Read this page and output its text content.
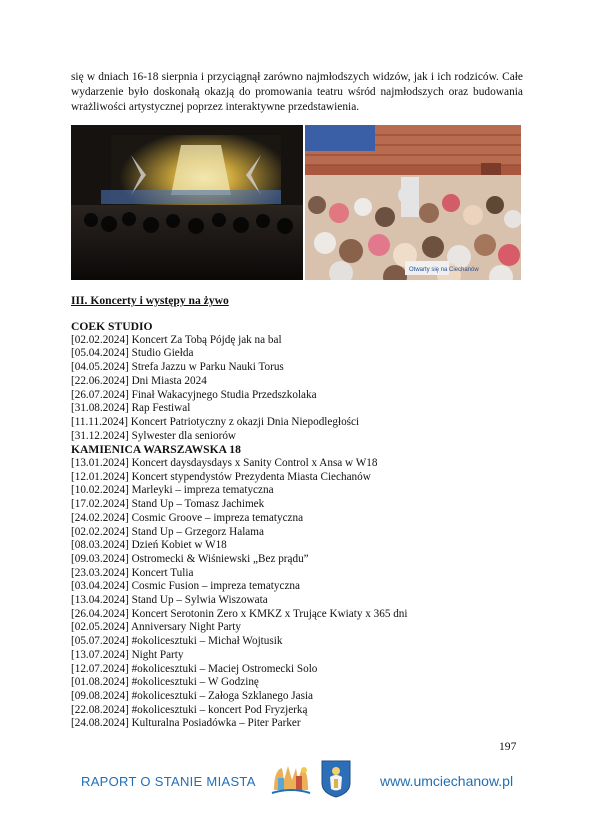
się w dniach 16-18 sierpnia i przyciągnął zarówno najmłodszych widzów, jak i ich rodziców. Całe wydarzenie było doskonałą okazją do promowania teatru wśród najmłodszych oraz budowania wrażliwości artystycznej poprzez interaktywne przedstawienia.

Otwarty się na Ciechanów
III. Koncerty i występy na żywo
COEK STUDIO
[02.02.2024] Koncert Za Tobą Pójdę jak na bal
[05.04.2024] Studio Giełda
[04.05.2024] Strefa Jazzu w Parku Nauki Torus
[22.06.2024] Dni Miasta 2024
[26.07.2024] Finał Wakacyjnego Studia Przedszkolaka
[31.08.2024] Rap Festiwal
[11.11.2024] Koncert Patriotyczny z okazji Dnia Niepodległości
[31.12.2024] Sylwester dla seniorów
KAMIENICA WARSZAWSKA 18
[13.01.2024] Koncert daysdaysdays x Sanity Control x Ansa w W18
[12.01.2024] Koncert stypendystów Prezydenta Miasta Ciechanów
[10.02.2024] Marleyki – impreza tematyczna
[17.02.2024] Stand Up – Tomasz Jachimek
[24.02.2024] Cosmic Groove – impreza tematyczna
[02.02.2024] Stand Up – Grzegorz Halama
[08.03.2024] Dzień Kobiet w W18
[09.03.2024] Ostromecki & Wiśniewski „Bez prądu”
[23.03.2024] Koncert Tulia
[03.04.2024] Cosmic Fusion – impreza tematyczna
[13.04.2024] Stand Up – Sylwia Wiszowata
[26.04.2024] Koncert Serotonin Zero x KMKZ x Trujące Kwiaty x 365 dni
[02.05.2024] Anniversary Night Party
[05.07.2024] #okolicesztuki – Michał Wojtusik
[13.07.2024] Night Party
[12.07.2024] #okolicesztuki – Maciej Ostromecki Solo
[01.08.2024] #okolicesztuki – W Godzinę
[09.08.2024] #okolicesztuki – Załoga Szklanego Jasia
[22.08.2024] #okolicesztuki – koncert Pod Fryzjerką
[24.08.2024] Kulturalna Posiadówka – Piter Parker
197
RAPORT O STANIE MIASTA	www.umciechanow.pl
